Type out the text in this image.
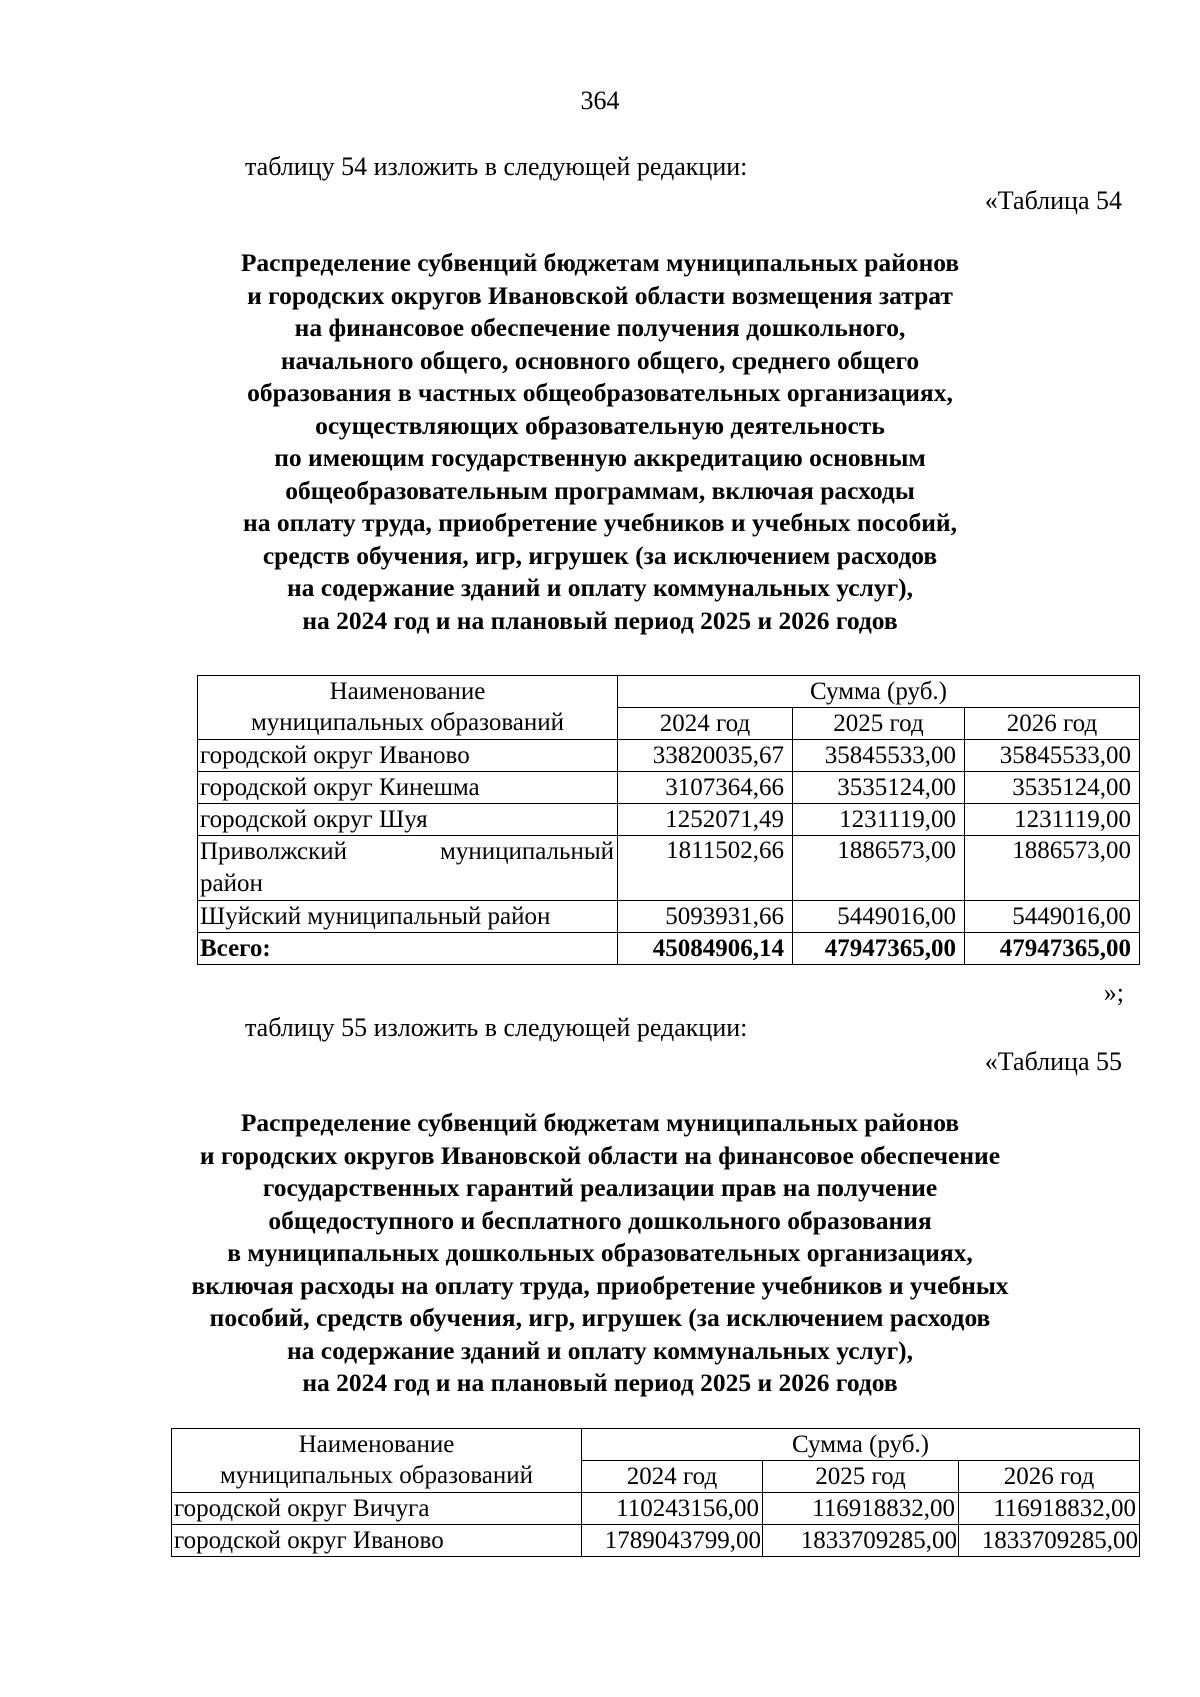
364
таблицу 54 изложить в следующей редакции:
«Таблица 54
Распределение субвенций бюджетам муниципальных районов
и городских округов Ивановской области возмещения затрат
на финансовое обеспечение получения дошкольного,
начального общего, основного общего, среднего общего
образования в частных общеобразовательных организациях,
осуществляющих образовательную деятельность
по имеющим государственную аккредитацию основным
общеобразовательным программам, включая расходы
на оплату труда, приобретение учебников и учебных пособий,
средств обучения, игр, игрушек (за исключением расходов
на содержание зданий и оплату коммунальных услуг),
на 2024 год и на плановый период 2025 и 2026 годов
Наименование	Сумма (руб.)		
муниципальных образований	2024 год	2025 год	2026 год
городской округ Иваново	33820035,67	35845533,00	35845533,00
городской округ Кинешма	3107364,66	3535124,00	3535124,00
городской округ Шуя	1252071,49	1231119,00	1231119,00

Приволжский муниципальный
район	1811502,66	1886573,00	1886573,00
Шуйский муниципальный район	5093931,66	5449016,00	5449016,00
Всего:	45084906,14	47947365,00	47947365,00
»;
таблицу 55 изложить в следующей редакции:
«Таблица 55
Распределение субвенций бюджетам муниципальных районов
и городских округов Ивановской области на финансовое обеспечение
государственных гарантий реализации прав на получение
общедоступного и бесплатного дошкольного образования
в муниципальных дошкольных образовательных организациях,
включая расходы на оплату труда, приобретение учебников и учебных
пособий, средств обучения, игр, игрушек (за исключением расходов
на содержание зданий и оплату коммунальных услуг),
на 2024 год и на плановый период 2025 и 2026 годов
Наименование	Сумма (руб.)		
муниципальных образований	2024 год	2025 год	2026 год
городской округ Вичуга	110243156,00	116918832,00	116918832,00
городской округ Иваново	1789043799,00	1833709285,00	1833709285,00
